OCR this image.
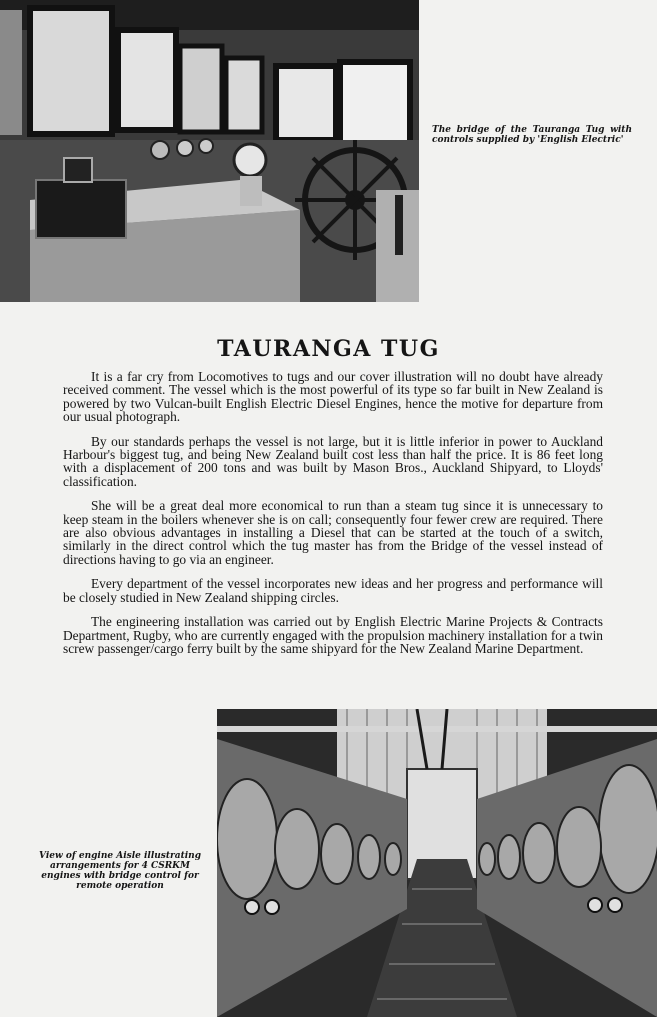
The bridge of the Tauranga Tug with controls supplied by 'English Electric'
TAURANGA TUG

It is a far cry from Locomotives to tugs and our cover illustration will no doubt have already received comment. The vessel which is the most powerful of its type so far built in New Zealand is powered by two Vulcan-built English Electric Diesel Engines, hence the motive for departure from our usual photograph.

By our standards perhaps the vessel is not large, but it is little inferior in power to Auckland Harbour's biggest tug, and being New Zealand built cost less than half the price. It is 86 feet long with a displacement of 200 tons and was built by Mason Bros., Auckland Shipyard, to Lloyds' classification.

She will be a great deal more economical to run than a steam tug since it is unnecessary to keep steam in the boilers whenever she is on call; consequently four fewer crew are required. There are also obvious advantages in installing a Diesel that can be started at the touch of a switch, similarly in the direct control which the tug master has from the Bridge of the vessel instead of directions having to go via an engineer.

Every department of the vessel incorporates new ideas and her progress and performance will be closely studied in New Zealand shipping circles.

The engineering installation was carried out by English Electric Marine Projects & Contracts Department, Rugby, who are currently engaged with the propulsion machinery installation for a twin screw passenger/cargo ferry built by the same shipyard for the New Zealand Marine Department.

View of engine Aisle illustrating arrangements for 4 CSRKM engines with bridge control for remote operation
